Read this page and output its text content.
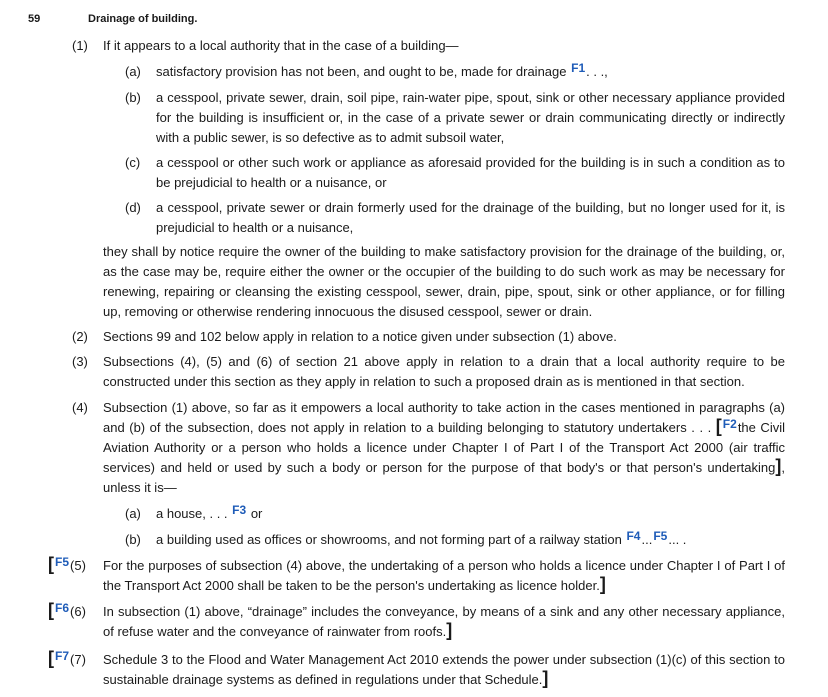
59	Drainage of building.
(1) If it appears to a local authority that in the case of a building—
(a) satisfactory provision has not been, and ought to be, made for drainage F1. . .,
(b) a cesspool, private sewer, drain, soil pipe, rain-water pipe, spout, sink or other necessary appliance provided for the building is insufficient or, in the case of a private sewer or drain communicating directly or indirectly with a public sewer, is so defective as to admit subsoil water,
(c) a cesspool or other such work or appliance as aforesaid provided for the building is in such a condition as to be prejudicial to health or a nuisance, or
(d) a cesspool, private sewer or drain formerly used for the drainage of the building, but no longer used for it, is prejudicial to health or a nuisance,
they shall by notice require the owner of the building to make satisfactory provision for the drainage of the building, or, as the case may be, require either the owner or the occupier of the building to do such work as may be necessary for renewing, repairing or cleansing the existing cesspool, sewer, drain, pipe, spout, sink or other appliance, or for filling up, removing or otherwise rendering innocuous the disused cesspool, sewer or drain.
(2) Sections 99 and 102 below apply in relation to a notice given under subsection (1) above.
(3) Subsections (4), (5) and (6) of section 21 above apply in relation to a drain that a local authority require to be constructed under this section as they apply in relation to such a proposed drain as is mentioned in that section.
(4) Subsection (1) above, so far as it empowers a local authority to take action in the cases mentioned in paragraphs (a) and (b) of the subsection, does not apply in relation to a building belonging to statutory undertakers . . . [F2the Civil Aviation Authority or a person who holds a licence under Chapter I of Part I of the Transport Act 2000 (air traffic services) and held or used by such a body or person for the purpose of that body's or that person's undertaking], unless it is—
(a) a house, . . . F3 or
(b) a building used as offices or showrooms, and not forming part of a railway station F4...F5... .
[F5(5) For the purposes of subsection (4) above, the undertaking of a person who holds a licence under Chapter I of Part I of the Transport Act 2000 shall be taken to be the person's undertaking as licence holder.]
[F6(6) In subsection (1) above, “drainage” includes the conveyance, by means of a sink and any other necessary appliance, of refuse water and the conveyance of rainwater from roofs.]
[F7(7) Schedule 3 to the Flood and Water Management Act 2010 extends the power under subsection (1)(c) of this section to sustainable drainage systems as defined in regulations under that Schedule.]
